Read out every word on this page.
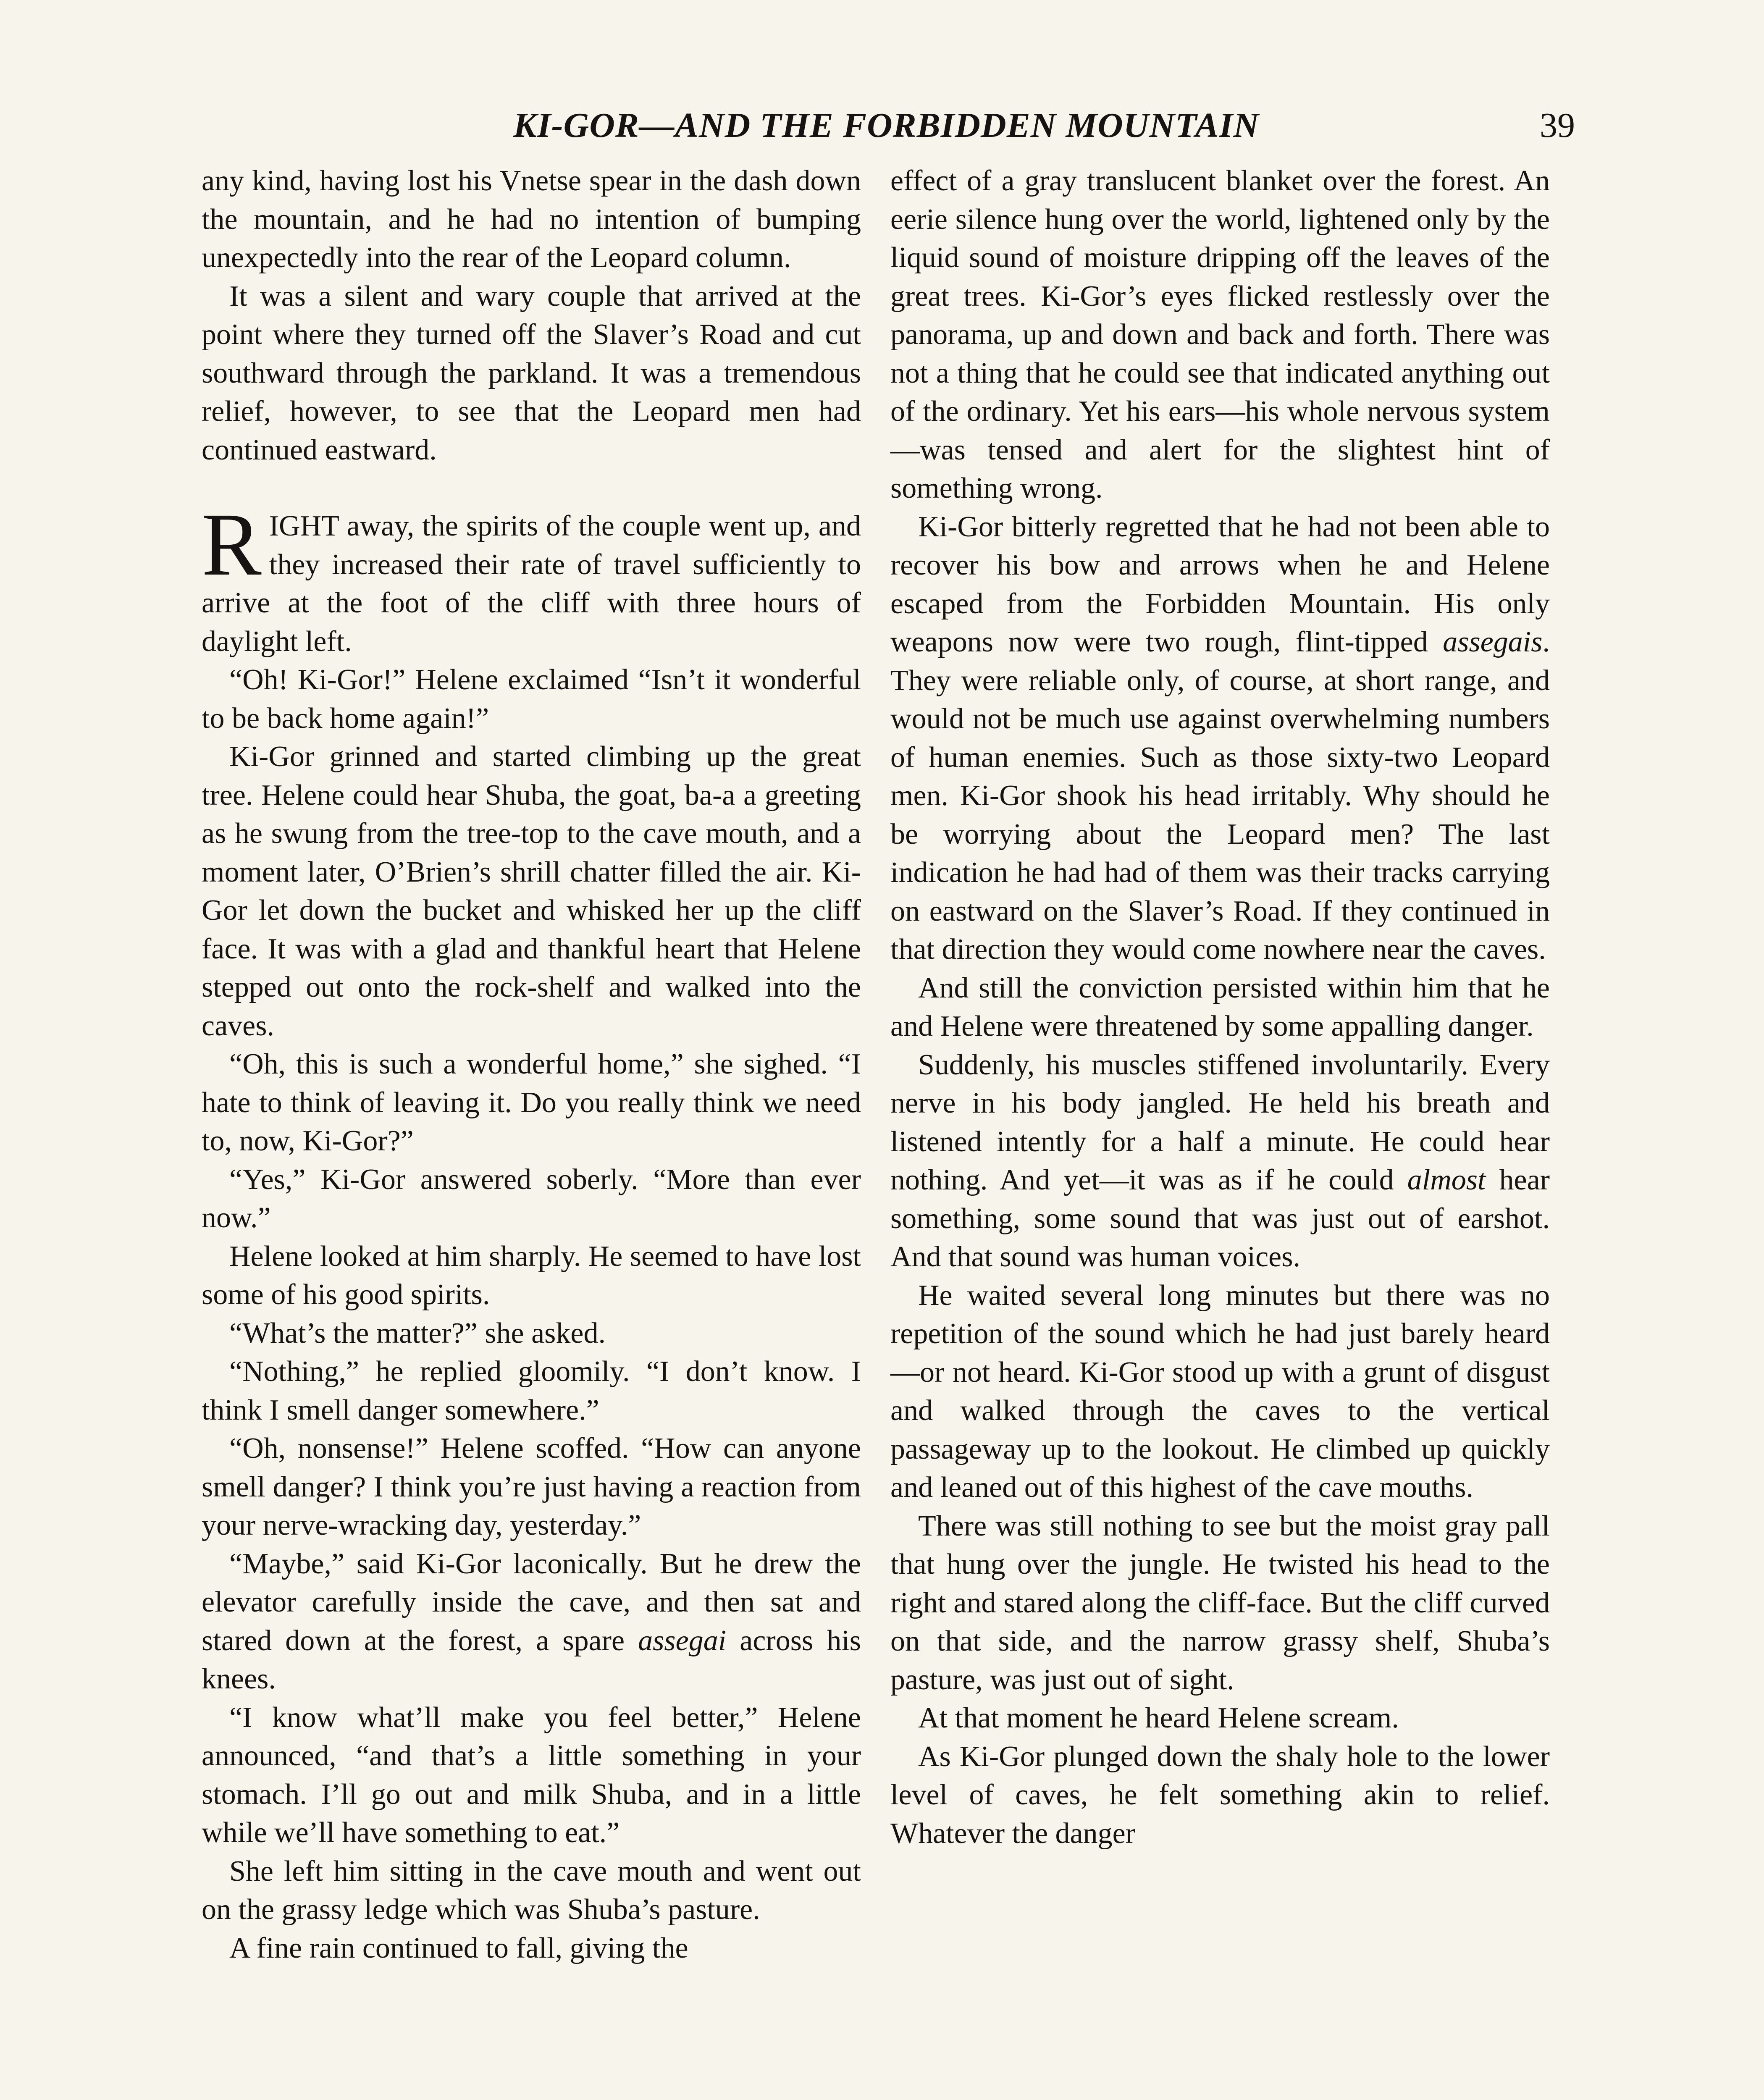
KI-GOR—AND THE FORBIDDEN MOUNTAIN	39

any kind, having lost his Vnetse spear in the dash down the mountain, and he had no intention of bumping unexpectedly into the rear of the Leopard column.

It was a silent and wary couple that arrived at the point where they turned off the Slaver’s Road and cut southward through the parkland. It was a tremendous relief, however, to see that the Leopard men had continued eastward.

RIGHT away, the spirits of the couple went up, and they increased their rate of travel sufficiently to arrive at the foot of the cliff with three hours of daylight left.

“Oh! Ki-Gor!” Helene exclaimed “Isn’t it wonderful to be back home again!”

Ki-Gor grinned and started climbing up the great tree. Helene could hear Shuba, the goat, ba-a a greeting as he swung from the tree-top to the cave mouth, and a moment later, O’Brien’s shrill chatter filled the air. Ki-Gor let down the bucket and whisked her up the cliff face. It was with a glad and thankful heart that Helene stepped out onto the rock-shelf and walked into the caves.

“Oh, this is such a wonderful home,” she sighed. “I hate to think of leaving it. Do you really think we need to, now, Ki-Gor?”

“Yes,” Ki-Gor answered soberly. “More than ever now.”

Helene looked at him sharply. He seemed to have lost some of his good spirits.

“What’s the matter?” she asked.

“Nothing,” he replied gloomily. “I don’t know. I think I smell danger somewhere.”

“Oh, nonsense!” Helene scoffed. “How can anyone smell danger? I think you’re just having a reaction from your nerve-wracking day, yesterday.”

“Maybe,” said Ki-Gor laconically. But he drew the elevator carefully inside the cave, and then sat and stared down at the forest, a spare assegai across his knees.

“I know what’ll make you feel better,” Helene announced, “and that’s a little something in your stomach. I’ll go out and milk Shuba, and in a little while we’ll have something to eat.”

She left him sitting in the cave mouth and went out on the grassy ledge which was Shuba’s pasture.

A fine rain continued to fall, giving the

effect of a gray translucent blanket over the forest. An eerie silence hung over the world, lightened only by the liquid sound of moisture dripping off the leaves of the great trees. Ki-Gor’s eyes flicked restlessly over the panorama, up and down and back and forth. There was not a thing that he could see that indicated anything out of the ordinary. Yet his ears—his whole nervous system—was tensed and alert for the slightest hint of something wrong.

Ki-Gor bitterly regretted that he had not been able to recover his bow and arrows when he and Helene escaped from the Forbidden Mountain. His only weapons now were two rough, flint-tipped assegais. They were reliable only, of course, at short range, and would not be much use against overwhelming numbers of human enemies. Such as those sixty-two Leopard men. Ki-Gor shook his head irritably. Why should he be worrying about the Leopard men? The last indication he had had of them was their tracks carrying on eastward on the Slaver’s Road. If they continued in that direction they would come nowhere near the caves.

And still the conviction persisted within him that he and Helene were threatened by some appalling danger.

Suddenly, his muscles stiffened involuntarily. Every nerve in his body jangled. He held his breath and listened intently for a half a minute. He could hear nothing. And yet—it was as if he could almost hear something, some sound that was just out of earshot. And that sound was human voices.

He waited several long minutes but there was no repetition of the sound which he had just barely heard—or not heard. Ki-Gor stood up with a grunt of disgust and walked through the caves to the vertical passageway up to the lookout. He climbed up quickly and leaned out of this highest of the cave mouths.

There was still nothing to see but the moist gray pall that hung over the jungle. He twisted his head to the right and stared along the cliff-face. But the cliff curved on that side, and the narrow grassy shelf, Shuba’s pasture, was just out of sight.

At that moment he heard Helene scream.

As Ki-Gor plunged down the shaly hole to the lower level of caves, he felt something akin to relief. Whatever the danger
